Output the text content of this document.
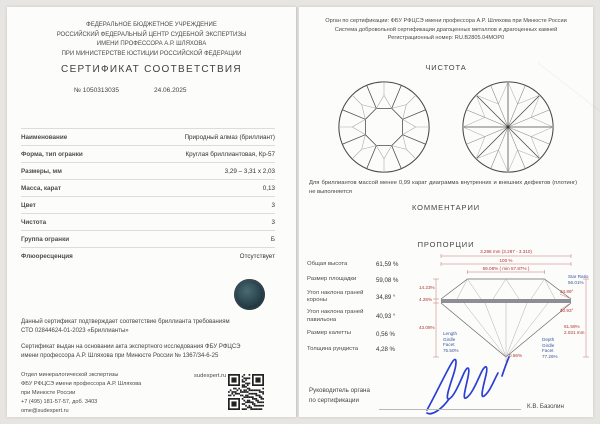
ФЕДЕРАЛЬНОЕ БЮДЖЕТНОЕ УЧРЕЖДЕНИЕ
РОССИЙСКИЙ ФЕДЕРАЛЬНЫЙ ЦЕНТР СУДЕБНОЙ ЭКСПЕРТИЗЫ
ИМЕНИ ПРОФЕССОРА А.Р. ШЛЯХОВА
ПРИ МИНИСТЕРСТВЕ ЮСТИЦИИ РОССИЙСКОЙ ФЕДЕРАЦИИ
СЕРТИФИКАТ СООТВЕТСТВИЯ
№ 1050313035	24.06.2025
Наименование	Природный алмаз (бриллиант)
Форма, тип огранки	Круглая бриллиантовая, Кр-57
Размеры, мм	3,29 – 3,31 x 2,03
Масса, карат	0,13
Цвет	3
Чистота	3
Группа огранки	Б
Флюоресценция	Отсутствует
Данный сертификат подтверждает соответствие бриллианта требованиям СТО 02844624-01-2023 «Бриллианты»
Сертификат выдан на основании акта экспертного исследования ФБУ РФЦСЭ имени профессора А.Р. Шляхова при Минюсте России № 1367/34-6-25
Отдел минералогической экспертизы
ФБУ РФЦСЭ имени профессора А.Р. Шляхова
при Минюсте России
+7 (495) 181-57-57, доб. 3403
ome@sudexpert.ru
sudexpert.ru
Орган по сертификации: ФБУ РФЦСЭ имени профессора А.Р. Шляхова при Минюсте России
Система добровольной сертификации драгоценных металлов и драгоценных камней
Регистрационный номер: RU.В2805.04МОР0
ЧИСТОТА
Для бриллиантов массой менее 0,99 карат диаграмма внутренних и внешних дефектов (плотинг) не выполняется
КОММЕНТАРИИ
ПРОПОРЦИИ
Общая высота	61,59 %
Размер площадки	59,08 %
Угол наклона граней короны	34,89 °
Угол наклона граней павильона	40,93 °
Размер калетты	0,56 %
Толщина рундиста	4,28 %
3.298 mm (3.287 - 3.310)
100 %
59.08% ( min 57.87% )
14.23%
4.28%
43.08%
Length Girdle Facet 75.50%
Star Ratio 56.01%
34.89°
40.93°
61.59% 2.031 mm
Depth Girdle Facet 77.26%
0.56%
Руководитель органа
по сертификации
К.В. Базолин
